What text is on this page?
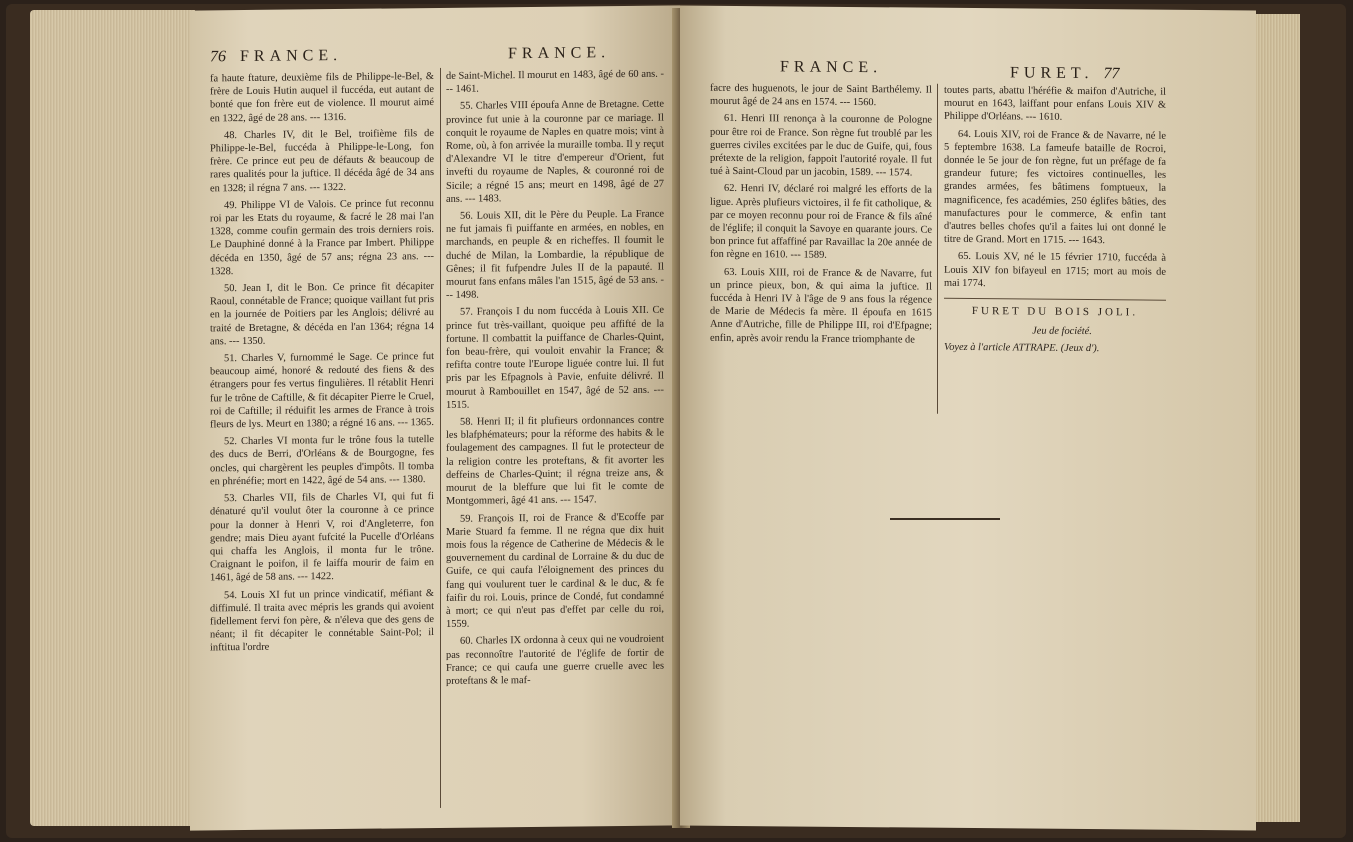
76 FRANCE.	FRANCE.

fa haute ftature, deuxième fils de Philippe-le-Bel, & frère de Louis Hutin auquel il fuccéda, eut autant de bonté que fon frère eut de violence. Il mourut aimé en 1322, âgé de 28 ans. --- 1316.

48. Charles IV, dit le Bel, troifième fils de Philippe-le-Bel, fuccéda à Philippe-le-Long, fon frère. Ce prince eut peu de défauts & beaucoup de rares qualités pour la juftice. Il décéda âgé de 34 ans en 1328; il régna 7 ans. --- 1322.

49. Philippe VI de Valois. Ce prince fut reconnu roi par les Etats du royaume, & facré le 28 mai l'an 1328, comme coufin germain des trois derniers rois. Le Dauphiné donné à la France par Imbert. Philippe décéda en 1350, âgé de 57 ans; régna 23 ans. --- 1328.

50. Jean I, dit le Bon. Ce prince fit décapiter Raoul, connétable de France; quoique vaillant fut pris en la journée de Poitiers par les Anglois; délivré au traité de Bretagne, & décéda en l'an 1364; régna 14 ans. --- 1350.

51. Charles V, furnommé le Sage. Ce prince fut beaucoup aimé, honoré & redouté des fiens & des étrangers pour fes vertus fingulières. Il rétablit Henri fur le trône de Caftille, & fit décapiter Pierre le Cruel, roi de Caftille; il réduifit les armes de France à trois fleurs de lys. Meurt en 1380; a régné 16 ans. --- 1365.

52. Charles VI monta fur le trône fous la tutelle des ducs de Berri, d'Orléans & de Bourgogne, fes oncles, qui chargèrent les peuples d'impôts. Il tomba en phrénéfie; mort en 1422, âgé de 54 ans. --- 1380.

53. Charles VII, fils de Charles VI, qui fut fi dénaturé qu'il voulut ôter la couronne à ce prince pour la donner à Henri V, roi d'Angleterre, fon gendre; mais Dieu ayant fufcité la Pucelle d'Orléans qui chaffa les Anglois, il monta fur le trône. Craignant le poifon, il fe laiffa mourir de faim en 1461, âgé de 58 ans. --- 1422.

54. Louis XI fut un prince vindicatif, méfiant & diffimulé. Il traita avec mépris les grands qui avoient fidellement fervi fon père, & n'éleva que des gens de néant; il fit décapiter le connétable Saint-Pol; il inftitua l'ordre

de Saint-Michel. Il mourut en 1483, âgé de 60 ans. --- 1461.

55. Charles VIII époufa Anne de Bretagne. Cette province fut unie à la couronne par ce mariage. Il conquit le royaume de Naples en quatre mois; vint à Rome, où, à fon arrivée la muraille tomba. Il y reçut d'Alexandre VI le titre d'empereur d'Orient, fut invefti du royaume de Naples, & couronné roi de Sicile; a régné 15 ans; meurt en 1498, âgé de 27 ans. --- 1483.

56. Louis XII, dit le Père du Peuple. La France ne fut jamais fi puiffante en armées, en nobles, en marchands, en peuple & en richeffes. Il foumit le duché de Milan, la Lombardie, la république de Gênes; il fit fufpendre Jules II de la papauté. Il mourut fans enfans mâles l'an 1515, âgé de 53 ans. --- 1498.

57. François I du nom fuccéda à Louis XII. Ce prince fut très-vaillant, quoique peu affifté de la fortune. Il combattit la puiffance de Charles-Quint, fon beau-frère, qui vouloit envahir la France; & refifta contre toute l'Europe liguée contre lui. Il fut pris par les Efpagnols à Pavie, enfuite délivré. Il mourut à Rambouillet en 1547, âgé de 52 ans. --- 1515.

58. Henri II; il fit plufieurs ordonnances contre les blafphémateurs; pour la réforme des habits & le foulagement des campagnes. Il fut le protecteur de la religion contre les proteftans, & fit avorter les deffeins de Charles-Quint; il régna treize ans, & mourut de la bleffure que lui fit le comte de Montgommeri, âgé 41 ans. --- 1547.

59. François II, roi de France & d'Ecoffe par Marie Stuard fa femme. Il ne régna que dix huit mois fous la régence de Catherine de Médecis & le gouvernement du cardinal de Lorraine & du duc de Guife, ce qui caufa l'éloignement des princes du fang qui voulurent tuer le cardinal & le duc, & fe faifir du roi. Louis, prince de Condé, fut condamné à mort; ce qui n'eut pas d'effet par celle du roi, 1559.

60. Charles IX ordonna à ceux qui ne voudroient pas reconnoître l'autorité de l'églife de fortir de France; ce qui caufa une guerre cruelle avec les proteftans & le maf-

FRANCE.	FURET. 77

facre des huguenots, le jour de Saint Barthélemy. Il mourut âgé de 24 ans en 1574. --- 1560.

61. Henri III renonça à la couronne de Pologne pour être roi de France. Son règne fut troublé par les guerres civiles excitées par le duc de Guife, qui, fous prétexte de la religion, fappoit l'autorité royale. Il fut tué à Saint-Cloud par un jacobin, 1589. --- 1574.

62. Henri IV, déclaré roi malgré les efforts de la ligue. Après plufieurs victoires, il fe fit catholique, & par ce moyen reconnu pour roi de France & fils aîné de l'églife; il conquit la Savoye en quarante jours. Ce bon prince fut affaffiné par Ravaillac la 20e année de fon règne en 1610. --- 1589.

63. Louis XIII, roi de France & de Navarre, fut un prince pieux, bon, & qui aima la juftice. Il fuccéda à Henri IV à l'âge de 9 ans fous la régence de Marie de Médecis fa mère. Il époufa en 1615 Anne d'Autriche, fille de Philippe III, roi d'Efpagne; enfin, après avoir rendu la France triomphante de

toutes parts, abattu l'héréfie & maifon d'Autriche, il mourut en 1643, laiffant pour enfans Louis XIV & Philippe d'Orléans. --- 1610.

64. Louis XIV, roi de France & de Navarre, né le 5 feptembre 1638. La fameufe bataille de Rocroi, donnée le 5e jour de fon règne, fut un préfage de fa grandeur future; fes victoires continuelles, les grandes armées, fes bâtimens fomptueux, la magnificence, fes académies, 250 églifes bâties, des manufactures pour le commerce, & enfin tant d'autres belles chofes qu'il a faites lui ont donné le titre de Grand. Mort en 1715. --- 1643.

65. Louis XV, né le 15 février 1710, fuccéda à Louis XIV fon bifayeul en 1715; mort au mois de mai 1774.

FURET DU BOIS JOLI.

Jeu de fociété.

Voyez à l'article ATTRAPE. (Jeux d').
